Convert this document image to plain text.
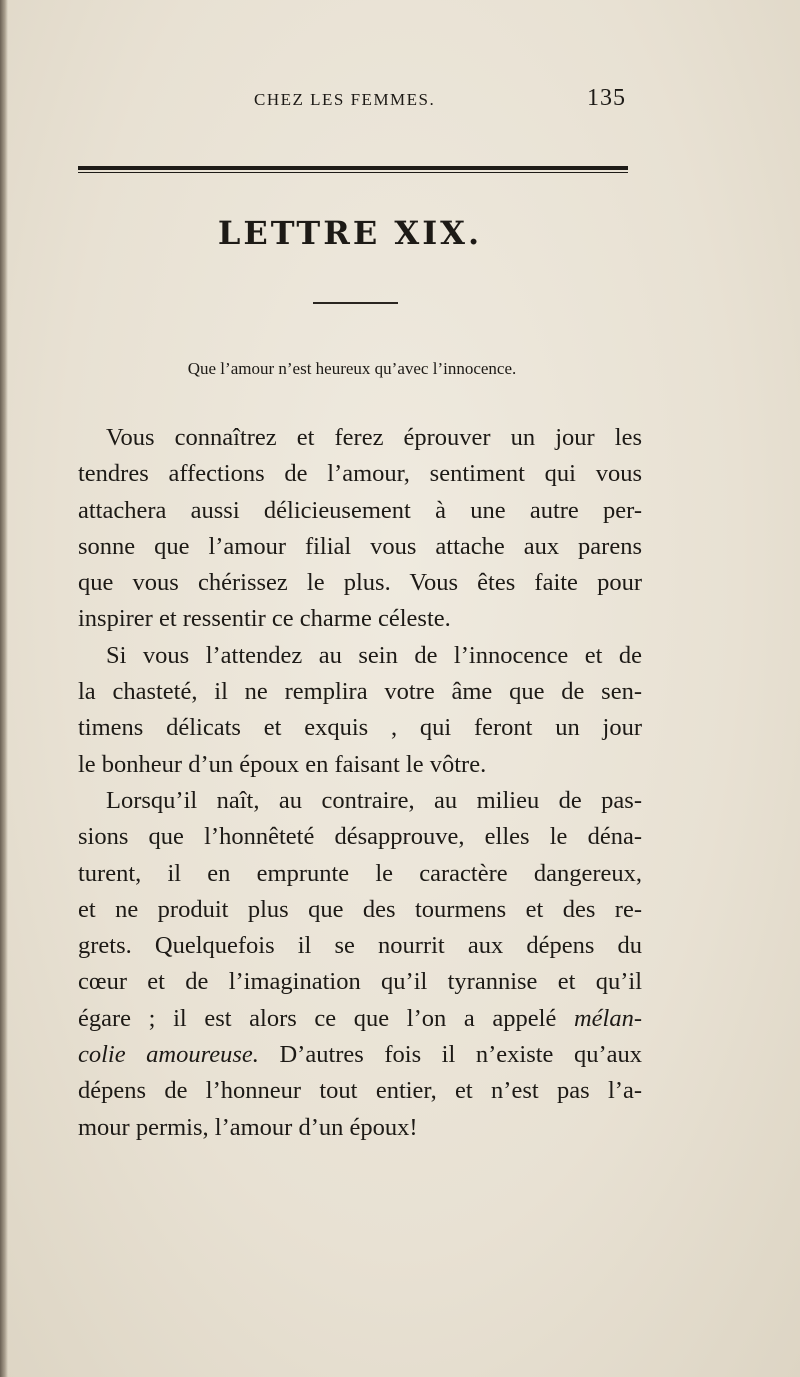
CHEZ LES FEMMES.	135
LETTRE XIX.
Que l’amour n’est heureux qu’avec l’innocence.
Vous connaîtrez et ferez éprouver un jour les
tendres affections de l’amour, sentiment qui vous
attachera aussi délicieusement à une autre per-
sonne que l’amour filial vous attache aux parens
que vous chérissez le plus. Vous êtes faite pour
inspirer et ressentir ce charme céleste.
Si vous l’attendez au sein de l’innocence et de
la chasteté, il ne remplira votre âme que de sen-
timens délicats et exquis , qui feront un jour
le bonheur d’un époux en faisant le vôtre.
Lorsqu’il naît, au contraire, au milieu de pas-
sions que l’honnêteté désapprouve, elles le déna-
turent, il en emprunte le caractère dangereux,
et ne produit plus que des tourmens et des re-
grets. Quelquefois il se nourrit aux dépens du
cœur et de l’imagination qu’il tyrannise et qu’il
égare ; il est alors ce que l’on a appelé mélan-
colie amoureuse. D’autres fois il n’existe qu’aux
dépens de l’honneur tout entier, et n’est pas l’a-
mour permis, l’amour d’un époux!
